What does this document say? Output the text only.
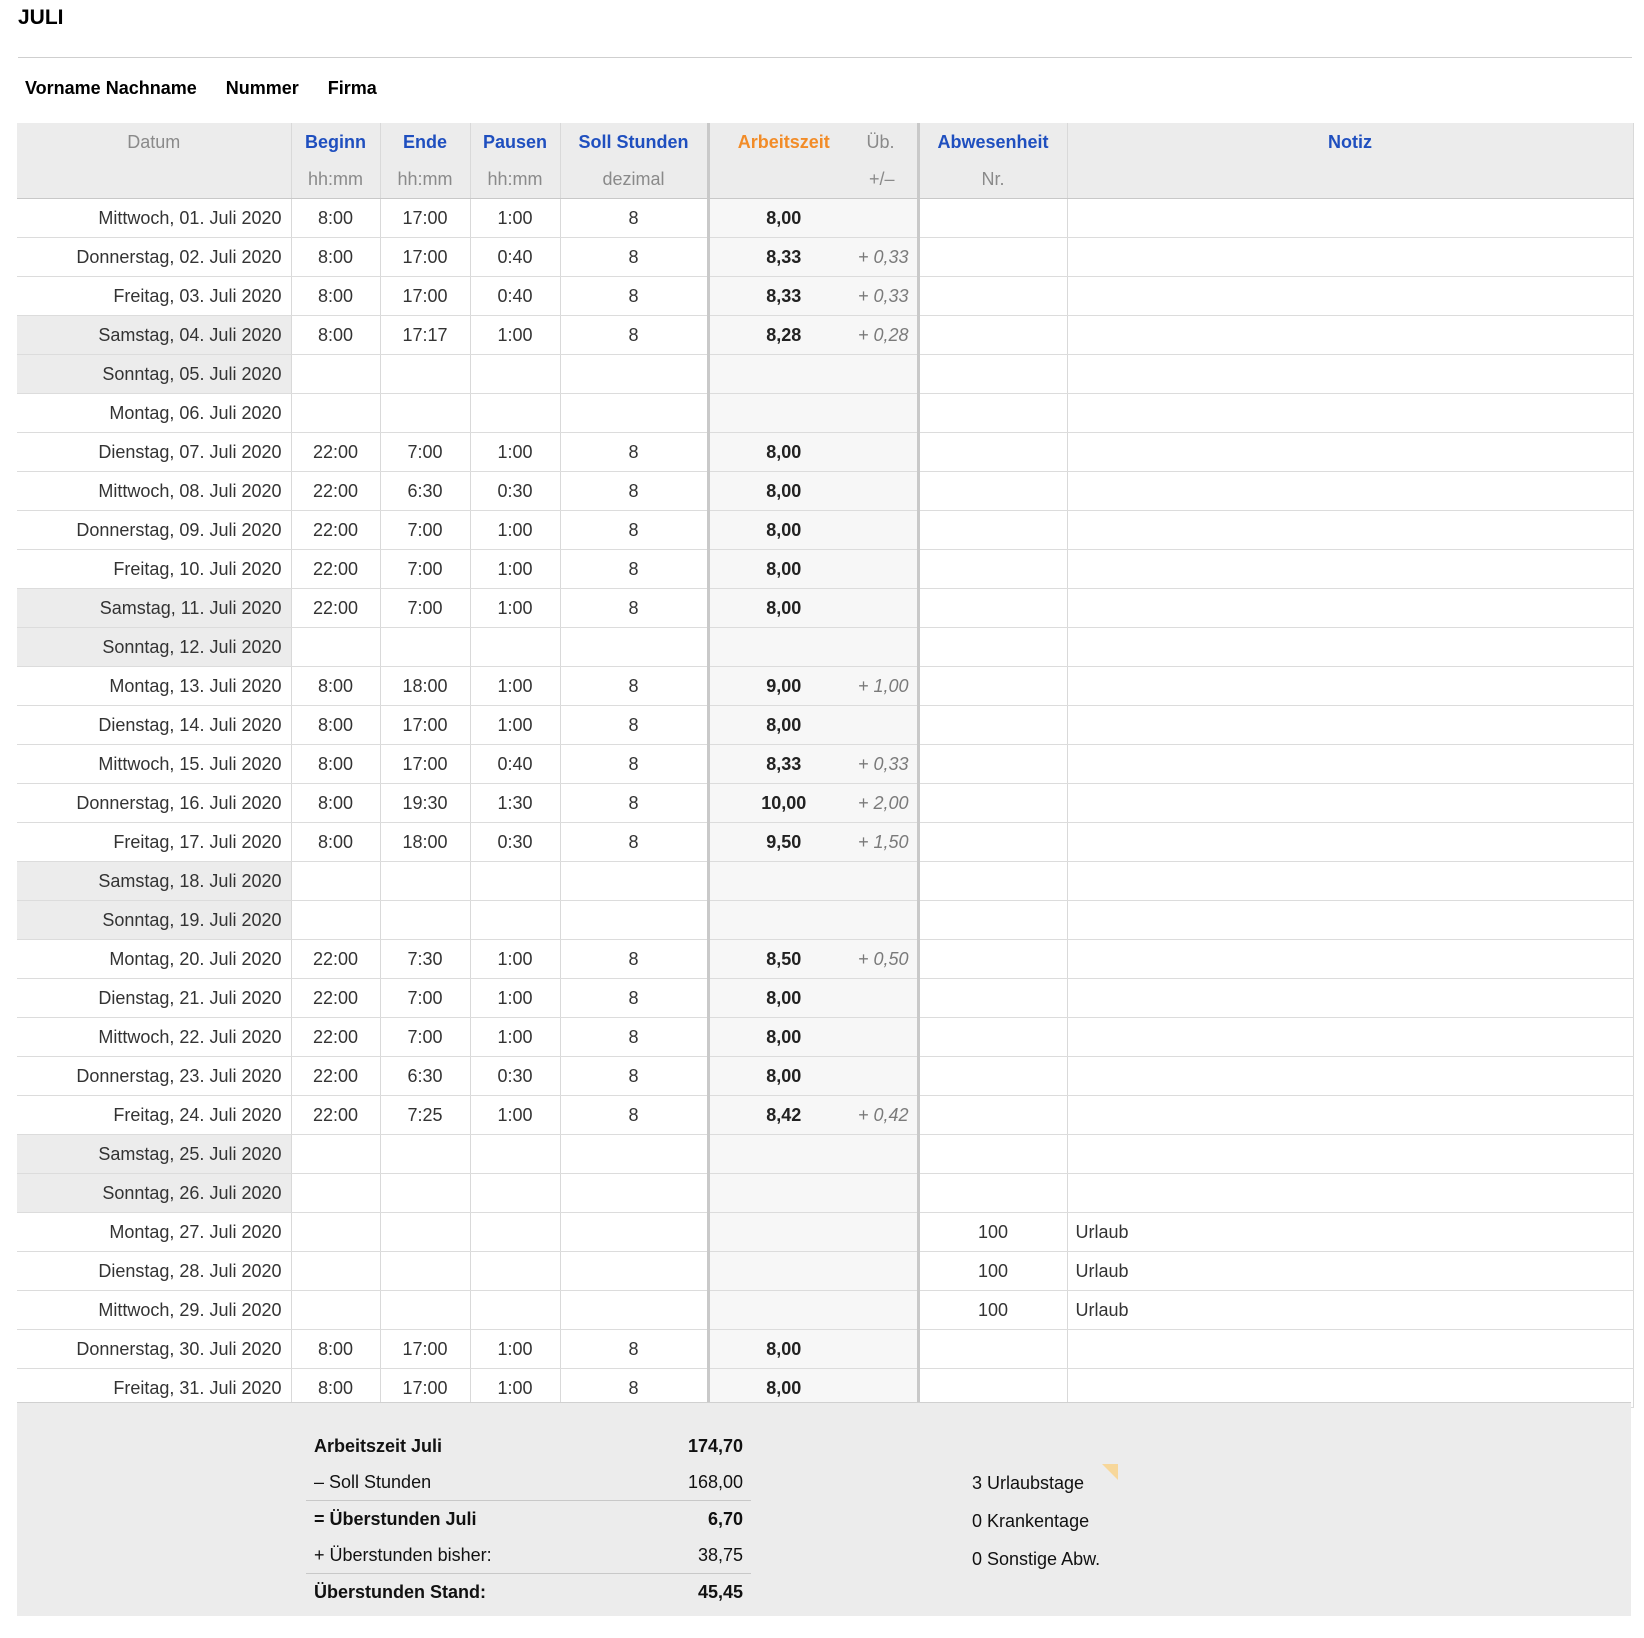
JULI
Vorname Nachname Nummer Firma
Datum	Beginn	Ende	Pausen	Soll Stunden	Arbeitszeit	Üb.	Abwesenheit	Notiz
	hh:mm	hh:mm	hh:mm	dezimal		+/–	Nr.	
Mittwoch, 01. Juli 2020	8:00	17:00	1:00	8	8,00			
Donnerstag, 02. Juli 2020	8:00	17:00	0:40	8	8,33	+ 0,33		
Freitag, 03. Juli 2020	8:00	17:00	0:40	8	8,33	+ 0,33		
Samstag, 04. Juli 2020	8:00	17:17	1:00	8	8,28	+ 0,28		
Sonntag, 05. Juli 2020								
Montag, 06. Juli 2020								
Dienstag, 07. Juli 2020	22:00	7:00	1:00	8	8,00			
Mittwoch, 08. Juli 2020	22:00	6:30	0:30	8	8,00			
Donnerstag, 09. Juli 2020	22:00	7:00	1:00	8	8,00			
Freitag, 10. Juli 2020	22:00	7:00	1:00	8	8,00			
Samstag, 11. Juli 2020	22:00	7:00	1:00	8	8,00			
Sonntag, 12. Juli 2020								
Montag, 13. Juli 2020	8:00	18:00	1:00	8	9,00	+ 1,00		
Dienstag, 14. Juli 2020	8:00	17:00	1:00	8	8,00			
Mittwoch, 15. Juli 2020	8:00	17:00	0:40	8	8,33	+ 0,33		
Donnerstag, 16. Juli 2020	8:00	19:30	1:30	8	10,00	+ 2,00		
Freitag, 17. Juli 2020	8:00	18:00	0:30	8	9,50	+ 1,50		
Samstag, 18. Juli 2020								
Sonntag, 19. Juli 2020								
Montag, 20. Juli 2020	22:00	7:30	1:00	8	8,50	+ 0,50		
Dienstag, 21. Juli 2020	22:00	7:00	1:00	8	8,00			
Mittwoch, 22. Juli 2020	22:00	7:00	1:00	8	8,00			
Donnerstag, 23. Juli 2020	22:00	6:30	0:30	8	8,00			
Freitag, 24. Juli 2020	22:00	7:25	1:00	8	8,42	+ 0,42		
Samstag, 25. Juli 2020								
Sonntag, 26. Juli 2020								
Montag, 27. Juli 2020							100	Urlaub
Dienstag, 28. Juli 2020							100	Urlaub
Mittwoch, 29. Juli 2020							100	Urlaub
Donnerstag, 30. Juli 2020	8:00	17:00	1:00	8	8,00			
Freitag, 31. Juli 2020	8:00	17:00	1:00	8	8,00			
Arbeitszeit Juli	174,70
– Soll Stunden	168,00
= Überstunden Juli	6,70
+ Überstunden bisher:	38,75
Überstunden Stand:	45,45
3 Urlaubstage
0 Krankentage
0 Sonstige Abw.
